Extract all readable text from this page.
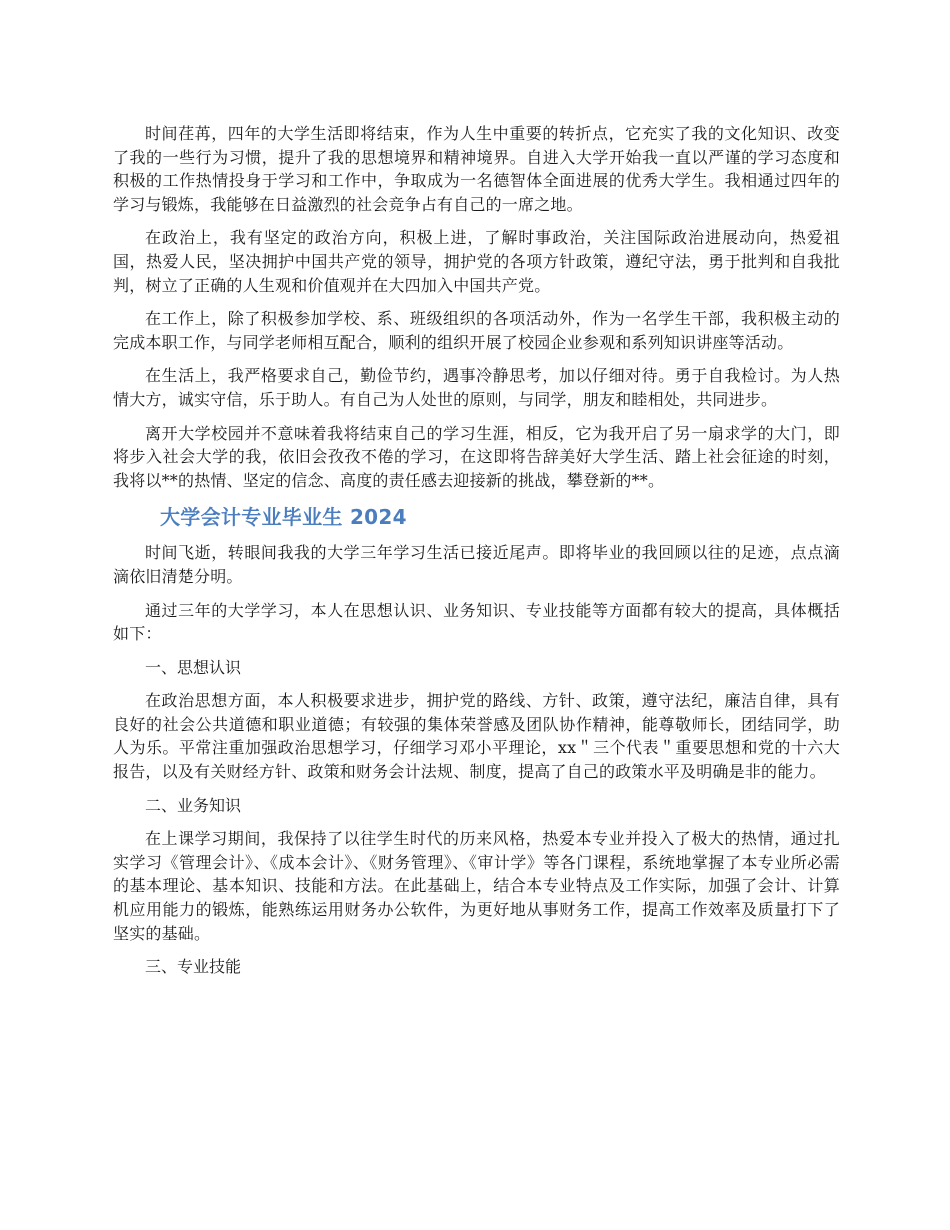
时间荏苒，四年的大学生活即将结束，作为人生中重要的转折点，它充实了我的文化知识、改变了我的一些行为习惯，提升了我的思想境界和精神境界。自进入大学开始我一直以严谨的学习态度和积极的工作热情投身于学习和工作中，争取成为一名德智体全面进展的优秀大学生。我相通过四年的学习与锻炼，我能够在日益激烈的社会竞争占有自己的一席之地。

在政治上，我有坚定的政治方向，积极上进，了解时事政治，关注国际政治进展动向，热爱祖国，热爱人民，坚决拥护中国共产党的领导，拥护党的各项方针政策，遵纪守法，勇于批判和自我批判，树立了正确的人生观和价值观并在大四加入中国共产党。

在工作上，除了积极参加学校、系、班级组织的各项活动外，作为一名学生干部，我积极主动的完成本职工作，与同学老师相互配合，顺利的组织开展了校园企业参观和系列知识讲座等活动。

在生活上，我严格要求自己，勤俭节约，遇事冷静思考，加以仔细对待。勇于自我检讨。为人热情大方，诚实守信，乐于助人。有自己为人处世的原则，与同学，朋友和睦相处，共同进步。

离开大学校园并不意味着我将结束自己的学习生涯，相反，它为我开启了另一扇求学的大门，即将步入社会大学的我，依旧会孜孜不倦的学习，在这即将告辞美好大学生活、踏上社会征途的时刻，我将以**的热情、坚定的信念、高度的责任感去迎接新的挑战，攀登新的**。

大学会计专业毕业生 2024

时间飞逝，转眼间我我的大学三年学习生活已接近尾声。即将毕业的我回顾以往的足迹，点点滴滴依旧清楚分明。

通过三年的大学学习，本人在思想认识、业务知识、专业技能等方面都有较大的提高，具体概括如下：

一、思想认识

在政治思想方面，本人积极要求进步，拥护党的路线、方针、政策，遵守法纪，廉洁自律，具有良好的社会公共道德和职业道德；有较强的集体荣誉感及团队协作精神，能尊敬师长，团结同学，助人为乐。平常注重加强政治思想学习，仔细学习邓小平理论，xx＂三个代表＂重要思想和党的十六大报告，以及有关财经方针、政策和财务会计法规、制度，提高了自己的政策水平及明确是非的能力。

二、业务知识

在上课学习期间，我保持了以往学生时代的历来风格，热爱本专业并投入了极大的热情，通过扎实学习《管理会计》、《成本会计》、《财务管理》、《审计学》等各门课程，系统地掌握了本专业所必需的基本理论、基本知识、技能和方法。在此基础上，结合本专业特点及工作实际，加强了会计、计算机应用能力的锻炼，能熟练运用财务办公软件，为更好地从事财务工作，提高工作效率及质量打下了坚实的基础。

三、专业技能
